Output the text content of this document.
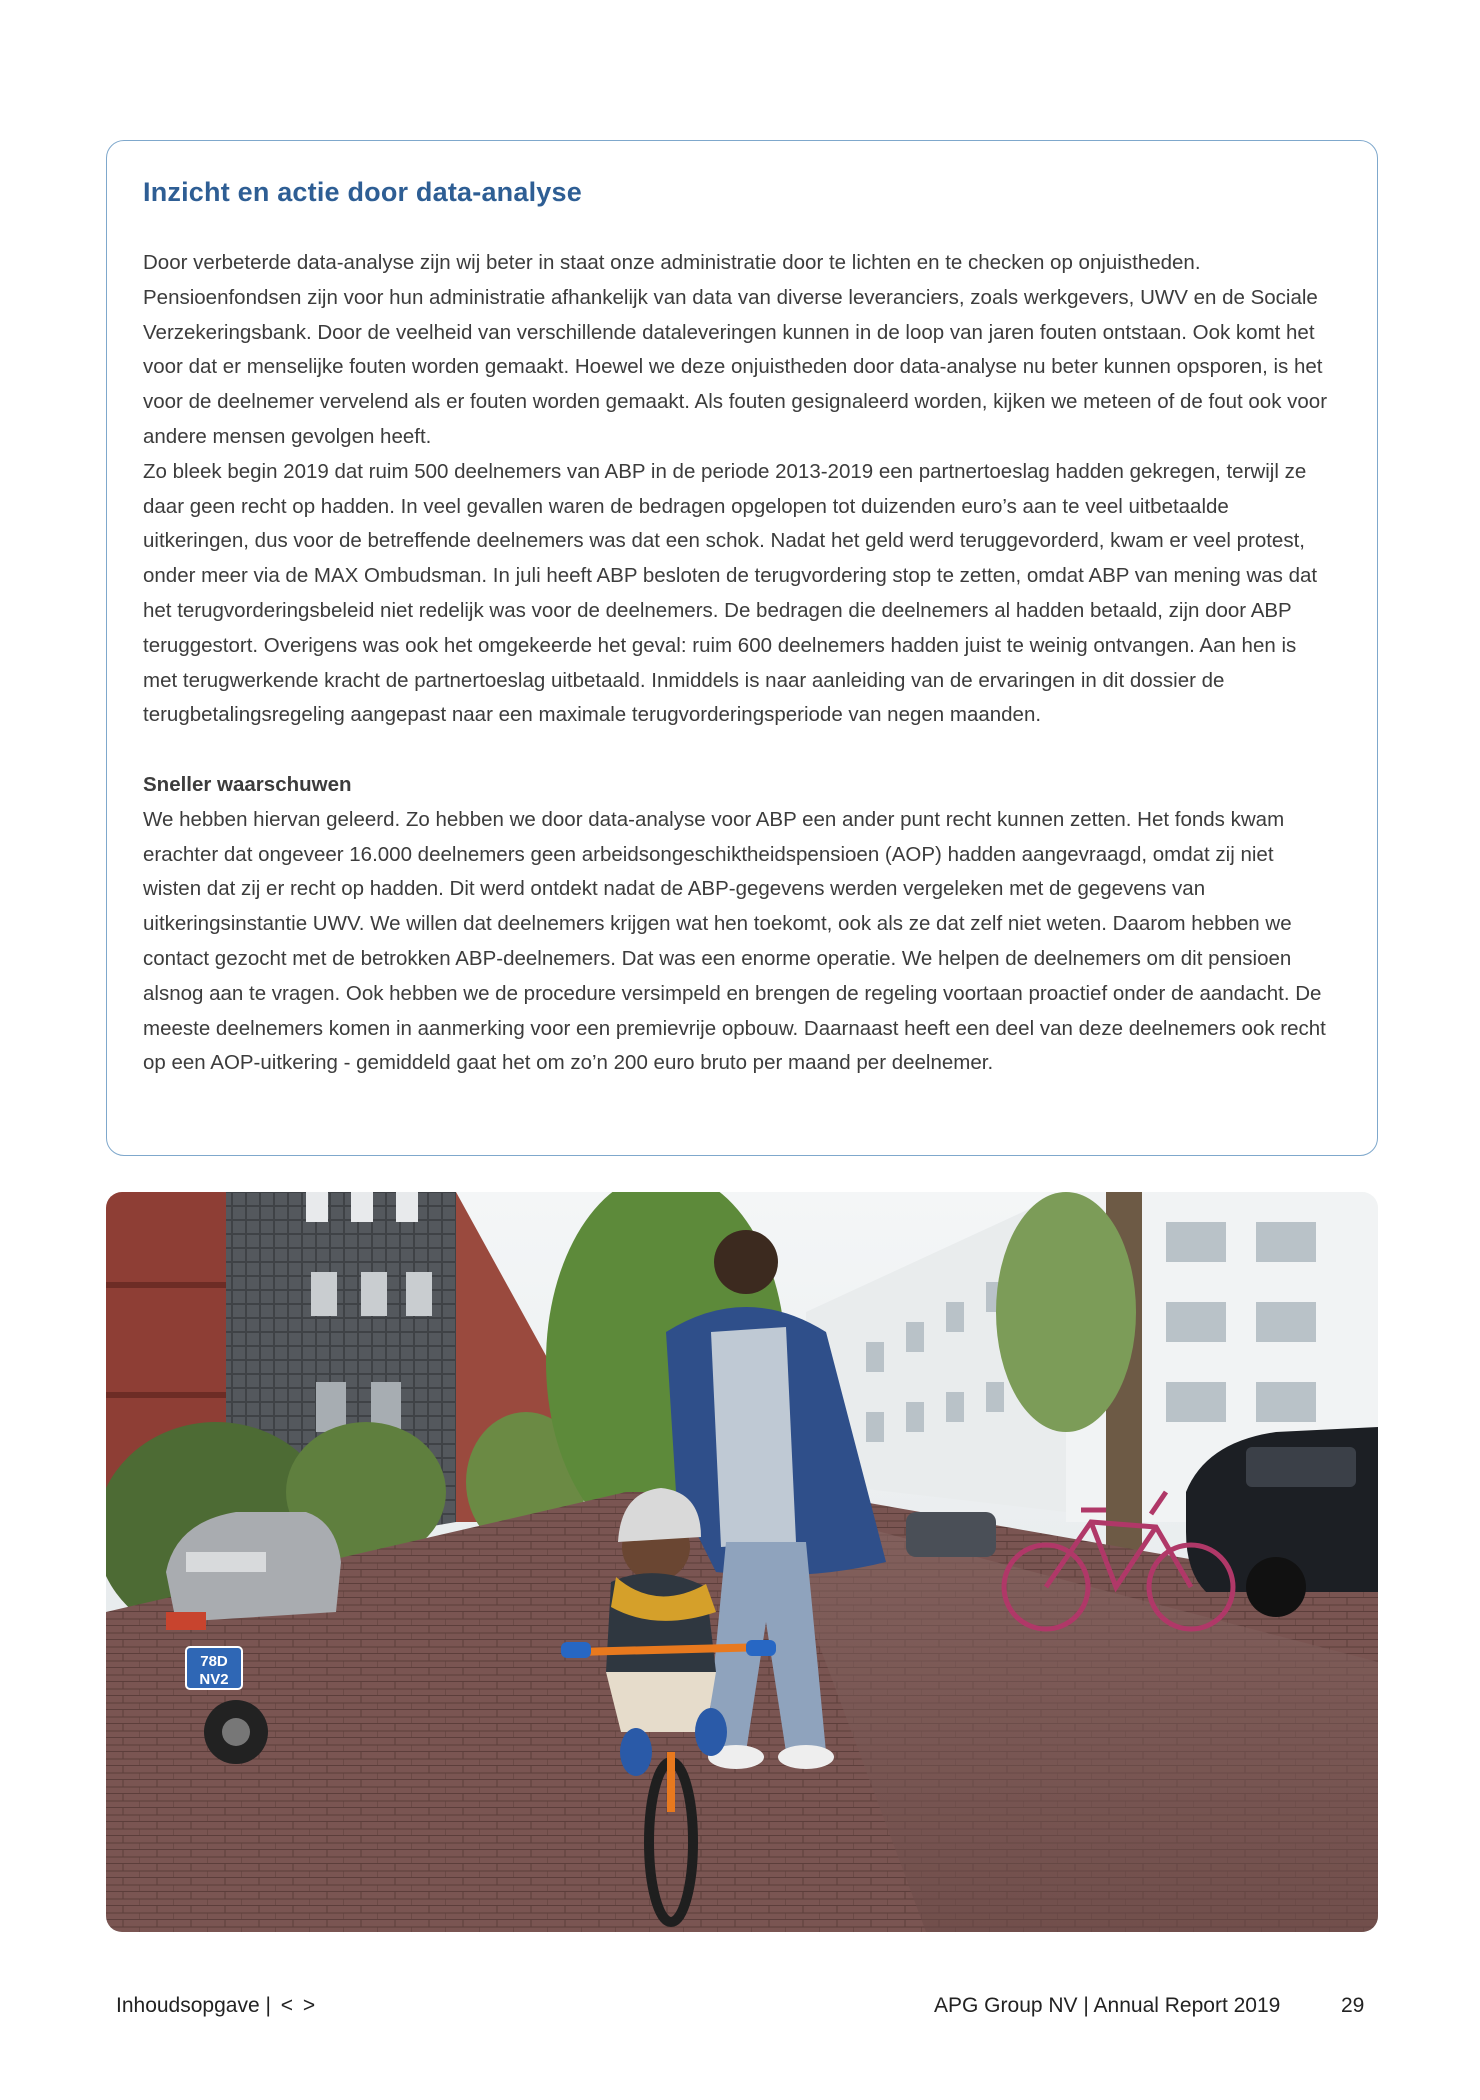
Inzicht en actie door data-analyse

Door verbeterde data-analyse zijn wij beter in staat onze administratie door te lichten en te checken op onjuistheden. Pensioenfondsen zijn voor hun administratie afhankelijk van data van diverse leveranciers, zoals werkgevers, UWV en de Sociale Verzekeringsbank. Door de veelheid van verschillende dataleveringen kunnen in de loop van jaren fouten ontstaan. Ook komt het voor dat er menselijke fouten worden gemaakt. Hoewel we deze onjuistheden door data-analyse nu beter kunnen opsporen, is het voor de deelnemer vervelend als er fouten worden gemaakt. Als fouten gesignaleerd worden, kijken we meteen of de fout ook voor andere mensen gevolgen heeft.

Zo bleek begin 2019 dat ruim 500 deelnemers van ABP in de periode 2013-2019 een partnertoeslag hadden gekregen, terwijl ze daar geen recht op hadden. In veel gevallen waren de bedragen opgelopen tot duizenden euro’s aan te veel uitbetaalde uitkeringen, dus voor de betreffende deelnemers was dat een schok. Nadat het geld werd teruggevorderd, kwam er veel protest, onder meer via de MAX Ombudsman. In juli heeft ABP besloten de terugvordering stop te zetten, omdat ABP van mening was dat het terugvorderingsbeleid niet redelijk was voor de deelnemers. De bedragen die deelnemers al hadden betaald, zijn door ABP teruggestort. Overigens was ook het omgekeerde het geval: ruim 600 deelnemers hadden juist te weinig ontvangen. Aan hen is met terugwerkende kracht de partnertoeslag uitbetaald. Inmiddels is naar aanleiding van de ervaringen in dit dossier de terugbetalingsregeling aangepast naar een maximale terugvorderingsperiode van negen maanden.

Sneller waarschuwen

We hebben hiervan geleerd. Zo hebben we door data-analyse voor ABP een ander punt recht kunnen zetten. Het fonds kwam erachter dat ongeveer 16.000 deelnemers geen arbeidsongeschiktheidspensioen (AOP) hadden aangevraagd, omdat zij niet wisten dat zij er recht op hadden. Dit werd ontdekt nadat de ABP-gegevens werden vergeleken met de gegevens van uitkeringsinstantie UWV. We willen dat deelnemers krijgen wat hen toekomt, ook als ze dat zelf niet weten. Daarom hebben we contact gezocht met de betrokken ABP-deelnemers. Dat was een enorme operatie. We helpen de deelnemers om dit pensioen alsnog aan te vragen. Ook hebben we de procedure versimpeld en brengen de regeling voortaan proactief onder de aandacht. De meeste deelnemers komen in aanmerking voor een premievrije opbouw. Daarnaast heeft een deel van deze deelnemers ook recht op een AOP-uitkering - gemiddeld gaat het om zo’n 200 euro bruto per maand per deelnemer.

78D
NV2
Inhoudsopgave | < >	APG Group NV | Annual Report 2019	29
